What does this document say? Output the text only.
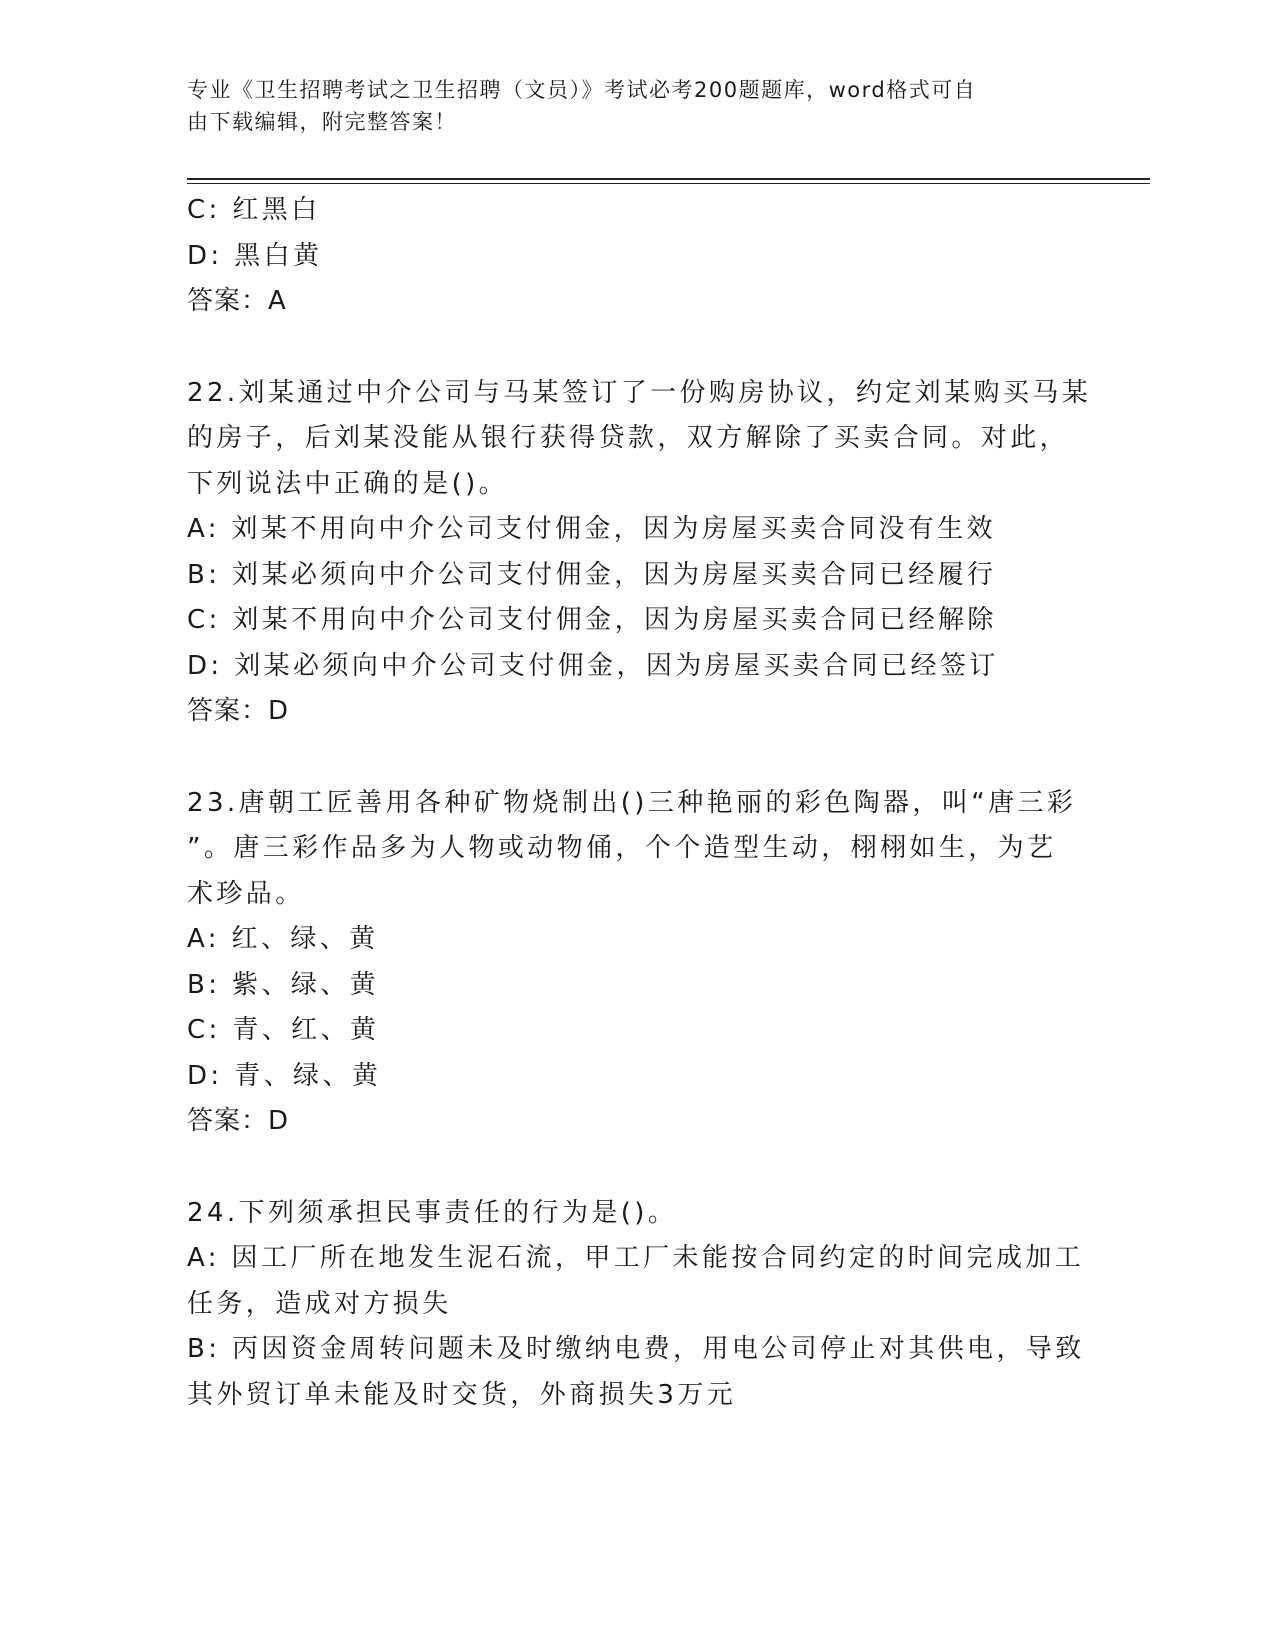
专业《卫生招聘考试之卫生招聘（文员）》考试必考200题题库，word格式可自
由下载编辑，附完整答案！
C: 红黑白
D: 黑白黄
答案：A
22.刘某通过中介公司与马某签订了一份购房协议，约定刘某购买马某
的房子，后刘某没能从银行获得贷款，双方解除了买卖合同。对此，
下列说法中正确的是()。
A: 刘某不用向中介公司支付佣金，因为房屋买卖合同没有生效
B: 刘某必须向中介公司支付佣金，因为房屋买卖合同已经履行
C: 刘某不用向中介公司支付佣金，因为房屋买卖合同已经解除
D: 刘某必须向中介公司支付佣金，因为房屋买卖合同已经签订
答案：D
23.唐朝工匠善用各种矿物烧制出()三种艳丽的彩色陶器，叫“唐三彩
”。唐三彩作品多为人物或动物俑，个个造型生动，栩栩如生，为艺
术珍品。
A: 红、绿、黄
B: 紫、绿、黄
C: 青、红、黄
D: 青、绿、黄
答案：D
24.下列须承担民事责任的行为是()。
A: 因工厂所在地发生泥石流，甲工厂未能按合同约定的时间完成加工
任务，造成对方损失
B: 丙因资金周转问题未及时缴纳电费，用电公司停止对其供电，导致
其外贸订单未能及时交货，外商损失3万元
